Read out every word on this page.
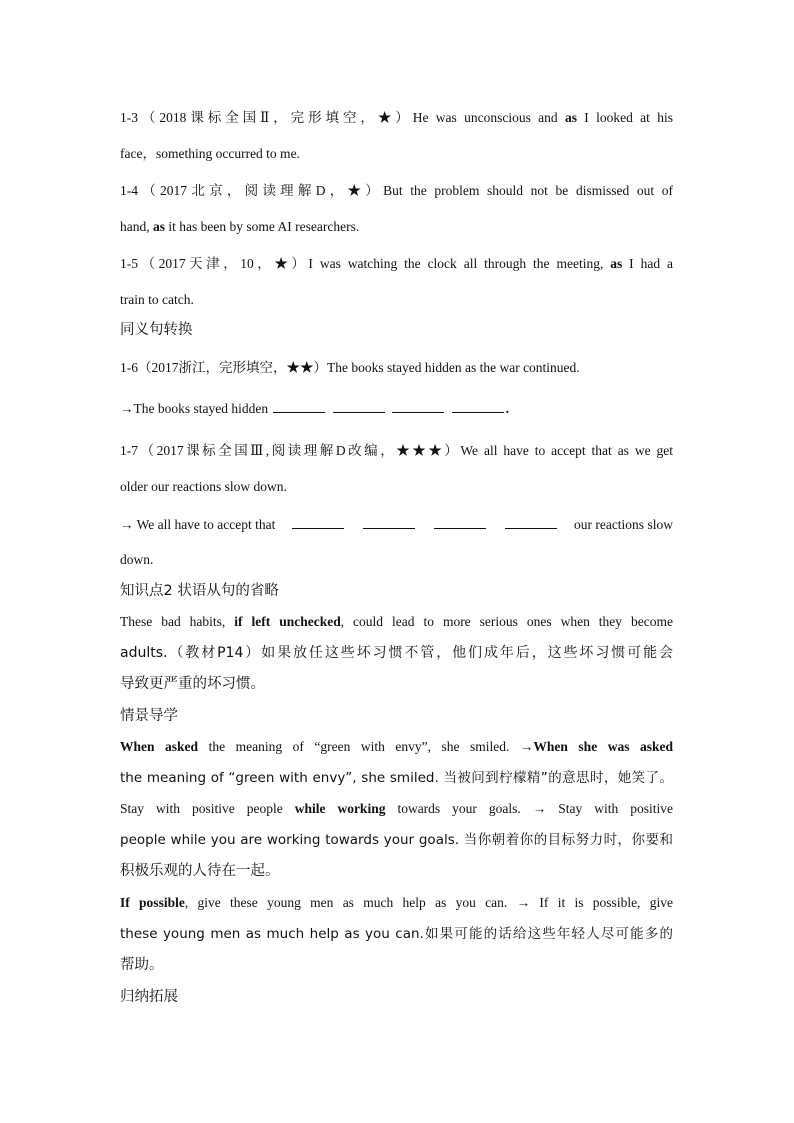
1-3（2018课标全国Ⅱ，完形填空，★）He was unconscious and as I looked at his
face，something occurred to me.
1-4（2017北京，阅读理解D，★）But the problem should not be dismissed out of
hand, as it has been by some AI researchers.
1-5（2017天津，10，★）I was watching the clock all through the meeting, as I had a
train to catch.
同义句转换
1-6（2017浙江，完形填空，★★）The books stayed hidden as the war continued.
→The books stayed hidden	.
1-7（2017课标全国Ⅲ,阅读理解D改编，★★★）We all have to accept that as we get
older our reactions slow down.
→ We all have to accept that	our reactions slow
down.
知识点2 状语从句的省略
These bad habits, if left unchecked, could lead to more serious ones when they become
adults.（教材P14）如果放任这些坏习惯不管，他们成年后，这些坏习惯可能会
导致更严重的坏习惯。
情景导学
When asked the meaning of “green with envy”, she smiled. →When she was asked
the meaning of “green with envy”, she smiled. 当被问到柠檬精”的意思时，她笑了。
Stay with positive people while working towards your goals. → Stay with positive
people while you are working towards your goals. 当你朝着你的目标努力时，你要和
积极乐观的人待在一起。
If possible, give these young men as much help as you can. → If it is possible, give
these young men as much help as you can.如果可能的话给这些年轻人尽可能多的
帮助。
归纳拓展
